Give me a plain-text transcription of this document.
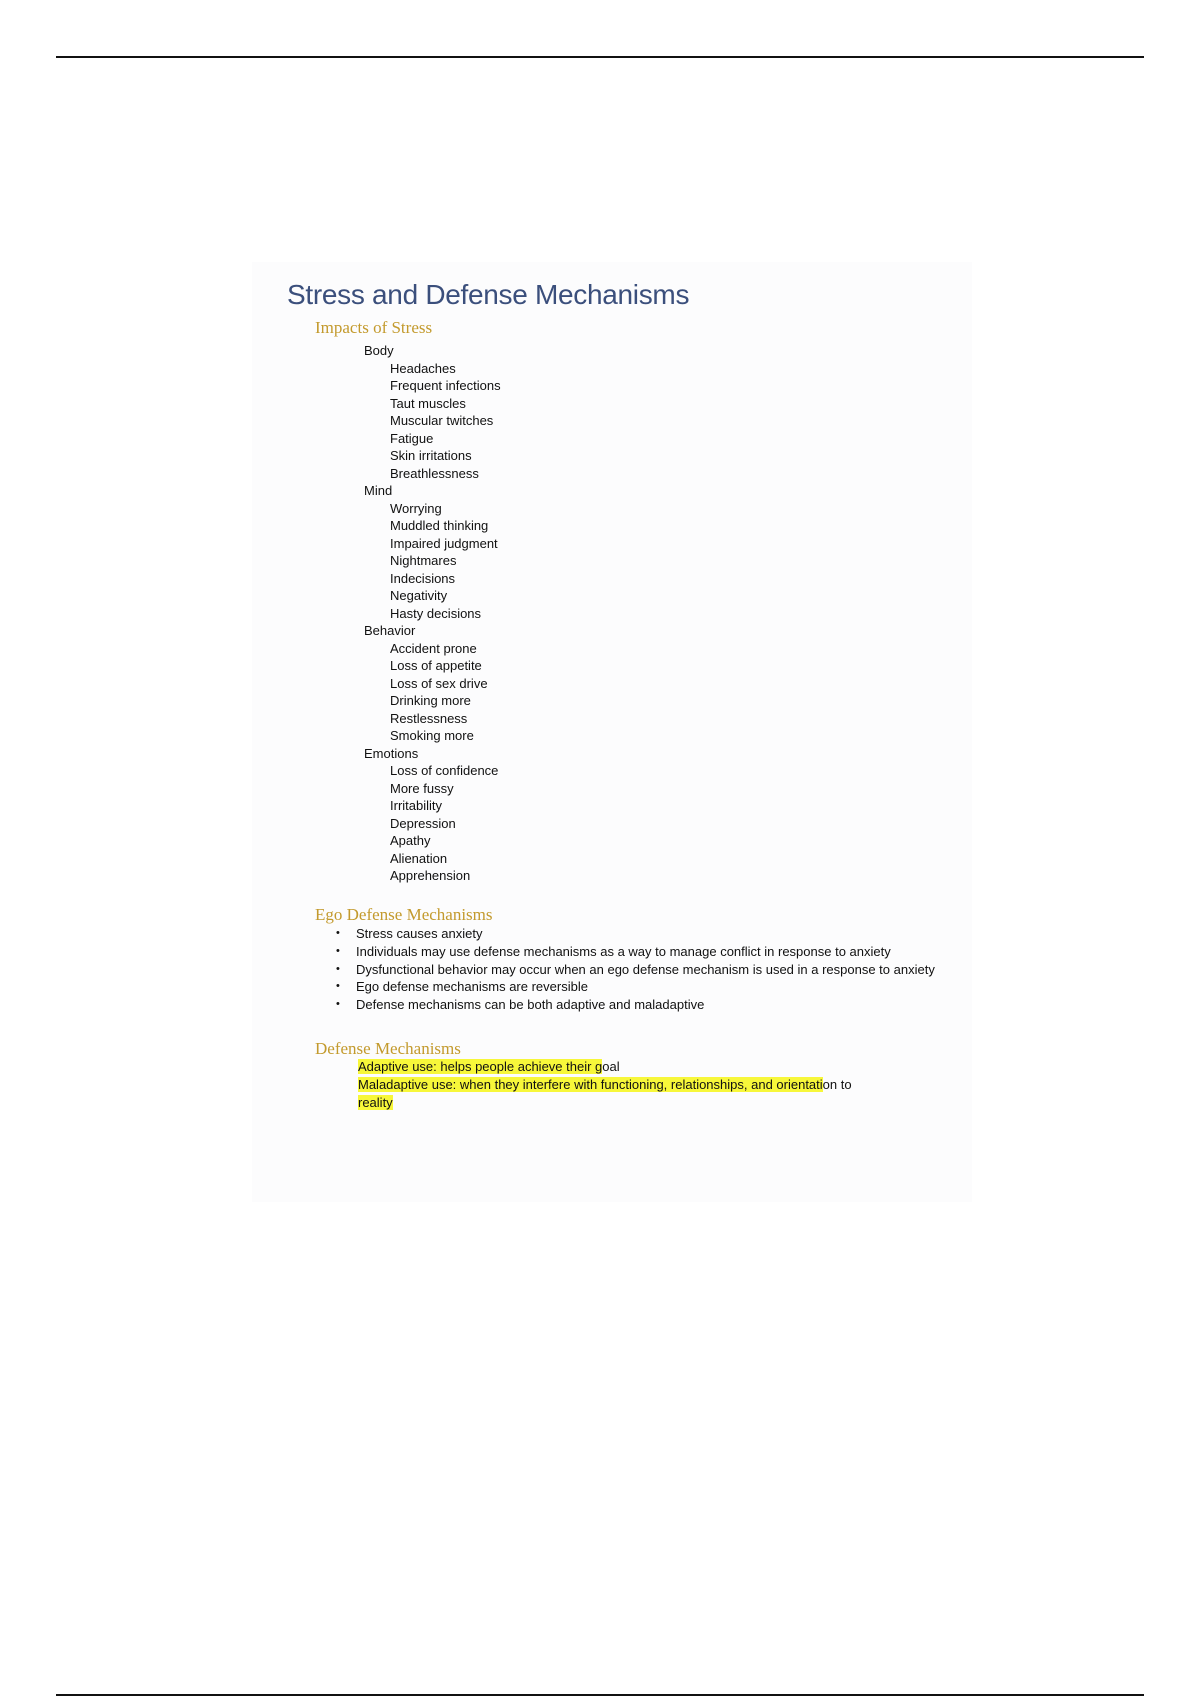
Stress and Defense Mechanisms
Impacts of Stress
Body
Headaches
Frequent infections
Taut muscles
Muscular twitches
Fatigue
Skin irritations
Breathlessness
Mind
Worrying
Muddled thinking
Impaired judgment
Nightmares
Indecisions
Negativity
Hasty decisions
Behavior
Accident prone
Loss of appetite
Loss of sex drive
Drinking more
Restlessness
Smoking more
Emotions
Loss of confidence
More fussy
Irritability
Depression
Apathy
Alienation
Apprehension
Ego Defense Mechanisms
• Stress causes anxiety
• Individuals may use defense mechanisms as a way to manage conflict in response to anxiety
• Dysfunctional behavior may occur when an ego defense mechanism is used in a response to anxiety
• Ego defense mechanisms are reversible
• Defense mechanisms can be both adaptive and maladaptive
Defense Mechanisms
Adaptive use: helps people achieve their goal
Maladaptive use: when they interfere with functioning, relationships, and orientation to
reality
